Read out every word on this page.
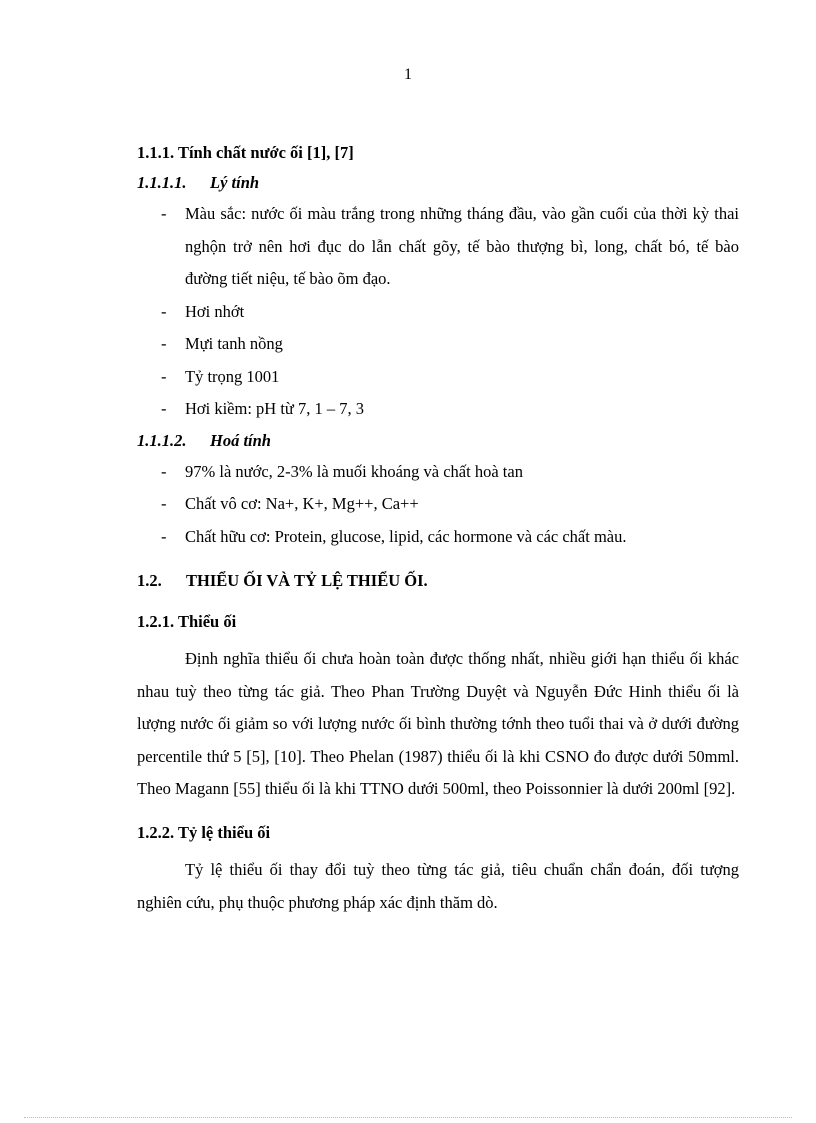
1
1.1.1. Tính chất nước ối [1], [7]
1.1.1.1. Lý tính
- Màu sắc: nước ối màu trắng trong những tháng đầu, vào gần cuối của thời kỳ thai nghộn trở nên hơi đục do lẫn chất gõy, tế bào thượng bì, long, chất bó, tế bào đường tiết niệu, tế bào õm đạo.
- Hơi nhớt
- Mựi tanh nồng
- Tỷ trọng 1001
- Hơi kiềm: pH từ 7, 1 – 7, 3
1.1.1.2. Hoá tính
- 97% là nước, 2-3% là muối khoáng và chất hoà tan
- Chất vô cơ: Na+, K+, Mg++, Ca++
- Chất hữu cơ: Protein, glucose, lipid, các hormone và các chất màu.
1.2. THIỂU ỐI VÀ TỶ LỆ THIỂU ỐI.
1.2.1. Thiểu ối

Định nghĩa thiểu ối chưa hoàn toàn được thống nhất, nhiều giới hạn thiểu ối khác nhau tuỳ theo từng tác giả. Theo Phan Trường Duyệt và Nguyễn Đức Hinh thiểu ối là lượng nước ối giảm so với lượng nước ối bình thường tớnh theo tuổi thai và ở dưới đường percentile thứ 5 [5], [10]. Theo Phelan (1987) thiểu ối là khi CSNO đo được dưới 50mml. Theo Magann [55] thiểu ối là khi TTNO dưới 500ml, theo Poissonnier là dưới 200ml [92].

1.2.2. Tỷ lệ thiểu ối

Tỷ lệ thiểu ối thay đổi tuỳ theo từng tác giả, tiêu chuẩn chẩn đoán, đối tượng nghiên cứu, phụ thuộc phương pháp xác định thăm dò.
